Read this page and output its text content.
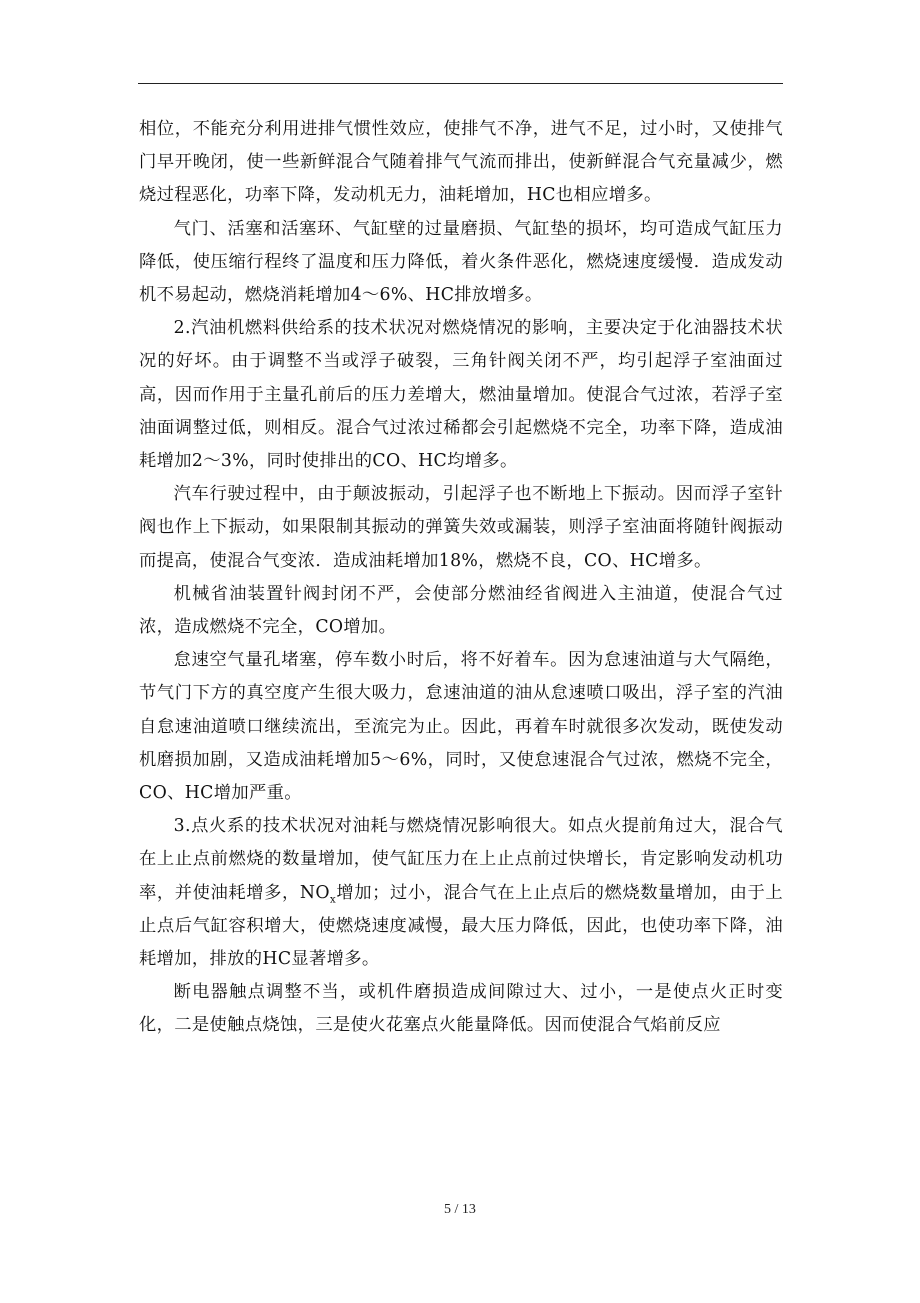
相位，不能充分利用进排气惯性效应，使排气不净，进气不足，过小时，又使排气门早开晚闭，使一些新鲜混合气随着排气气流而排出，使新鲜混合气充量减少，燃烧过程恶化，功率下降，发动机无力，油耗增加，HC也相应增多。

气门、活塞和活塞环、气缸壁的过量磨损、气缸垫的损坏，均可造成气缸压力降低，使压缩行程终了温度和压力降低，着火条件恶化，燃烧速度缓慢．造成发动机不易起动，燃烧消耗增加4～6%、HC排放增多。

2.汽油机燃料供给系的技术状况对燃烧情况的影响，主要决定于化油器技术状况的好坏。由于调整不当或浮子破裂，三角针阀关闭不严，均引起浮子室油面过高，因而作用于主量孔前后的压力差增大，燃油量增加。使混合气过浓，若浮子室油面调整过低，则相反。混合气过浓过稀都会引起燃烧不完全，功率下降，造成油耗增加2～3%，同时使排出的CO、HC均增多。

汽车行驶过程中，由于颠波振动，引起浮子也不断地上下振动。因而浮子室针阀也作上下振动，如果限制其振动的弹簧失效或漏装，则浮子室油面将随针阀振动而提高，使混合气变浓．造成油耗增加18%，燃烧不良，CO、HC增多。

机械省油装置针阀封闭不严，会使部分燃油经省阀进入主油道，使混合气过浓，造成燃烧不完全，CO增加。

怠速空气量孔堵塞，停车数小时后，将不好着车。因为怠速油道与大气隔绝，节气门下方的真空度产生很大吸力，怠速油道的油从怠速喷口吸出，浮子室的汽油自怠速油道喷口继续流出，至流完为止。因此，再着车时就很多次发动，既使发动机磨损加剧，又造成油耗增加5～6%，同时，又使怠速混合气过浓，燃烧不完全，CO、HC增加严重。

3.点火系的技术状况对油耗与燃烧情况影响很大。如点火提前角过大，混合气在上止点前燃烧的数量增加，使气缸压力在上止点前过快增长，肯定影响发动机功率，并使油耗增多，$NO_x$增加；过小，混合气在上止点后的燃烧数量增加，由于上止点后气缸容积增大，使燃烧速度减慢，最大压力降低，因此，也使功率下降，油耗增加，排放的HC显著增多。

断电器触点调整不当，或机件磨损造成间隙过大、过小，一是使点火正时变化，二是使触点烧蚀，三是使火花塞点火能量降低。因而使混合气焰前反应

5 / 13
